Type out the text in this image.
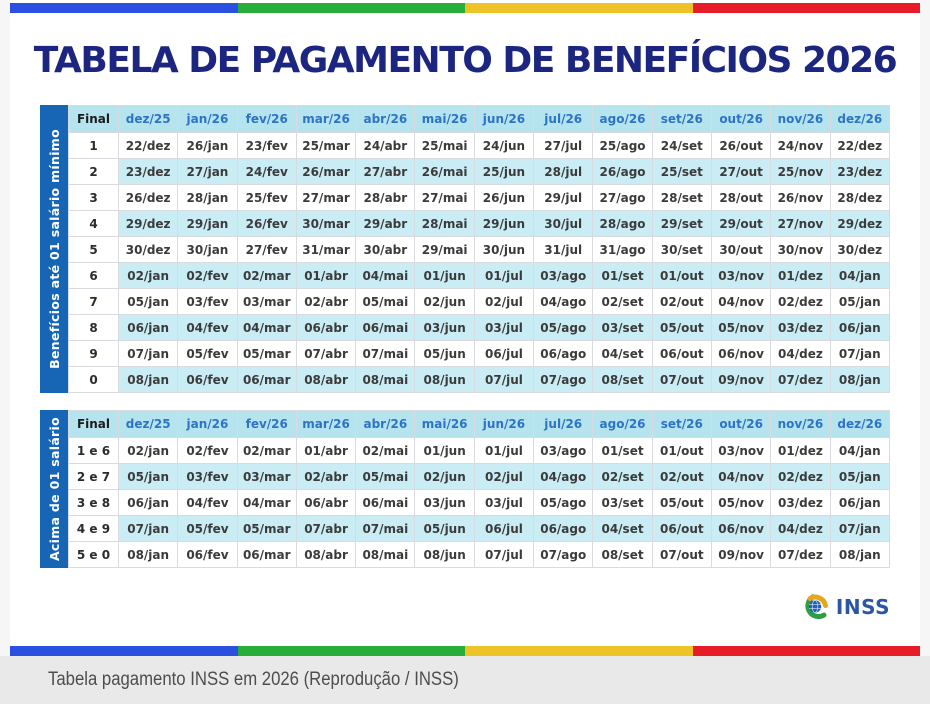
TABELA DE PAGAMENTO DE BENEFÍCIOS 2026
Benefícios até 01 salário mínimo
Final	dez/25	jan/26	fev/26	mar/26	abr/26	mai/26	jun/26	jul/26	ago/26	set/26	out/26	nov/26	dez/26
1	22/dez	26/jan	23/fev	25/mar	24/abr	25/mai	24/jun	27/jul	25/ago	24/set	26/out	24/nov	22/dez
2	23/dez	27/jan	24/fev	26/mar	27/abr	26/mai	25/jun	28/jul	26/ago	25/set	27/out	25/nov	23/dez
3	26/dez	28/jan	25/fev	27/mar	28/abr	27/mai	26/jun	29/jul	27/ago	28/set	28/out	26/nov	28/dez
4	29/dez	29/jan	26/fev	30/mar	29/abr	28/mai	29/jun	30/jul	28/ago	29/set	29/out	27/nov	29/dez
5	30/dez	30/jan	27/fev	31/mar	30/abr	29/mai	30/jun	31/jul	31/ago	30/set	30/out	30/nov	30/dez
6	02/jan	02/fev	02/mar	01/abr	04/mai	01/jun	01/jul	03/ago	01/set	01/out	03/nov	01/dez	04/jan
7	05/jan	03/fev	03/mar	02/abr	05/mai	02/jun	02/jul	04/ago	02/set	02/out	04/nov	02/dez	05/jan
8	06/jan	04/fev	04/mar	06/abr	06/mai	03/jun	03/jul	05/ago	03/set	05/out	05/nov	03/dez	06/jan
9	07/jan	05/fev	05/mar	07/abr	07/mai	05/jun	06/jul	06/ago	04/set	06/out	06/nov	04/dez	07/jan
0	08/jan	06/fev	06/mar	08/abr	08/mai	08/jun	07/jul	07/ago	08/set	07/out	09/nov	07/dez	08/jan
Acima de 01 salário Final	dez/25	jan/26	fev/26	mar/26	abr/26	mai/26	jun/26	jul/26	ago/26	set/26	out/26	nov/26	dez/26
1 e 6	02/jan	02/fev	02/mar	01/abr	02/mai	01/jun	01/jul	03/ago	01/set	01/out	03/nov	01/dez	04/jan
2 e 7	05/jan	03/fev	03/mar	02/abr	05/mai	02/jun	02/jul	04/ago	02/set	02/out	04/nov	02/dez	05/jan
3 e 8	06/jan	04/fev	04/mar	06/abr	06/mai	03/jun	03/jul	05/ago	03/set	05/out	05/nov	03/dez	06/jan
4 e 9	07/jan	05/fev	05/mar	07/abr	07/mai	05/jun	06/jul	06/ago	04/set	06/out	06/nov	04/dez	07/jan
5 e 0	08/jan	06/fev	06/mar	08/abr	08/mai	08/jun	07/jul	07/ago	08/set	07/out	09/nov	07/dez	08/jan
INSS
Tabela pagamento INSS em 2026 (Reprodução / INSS)
